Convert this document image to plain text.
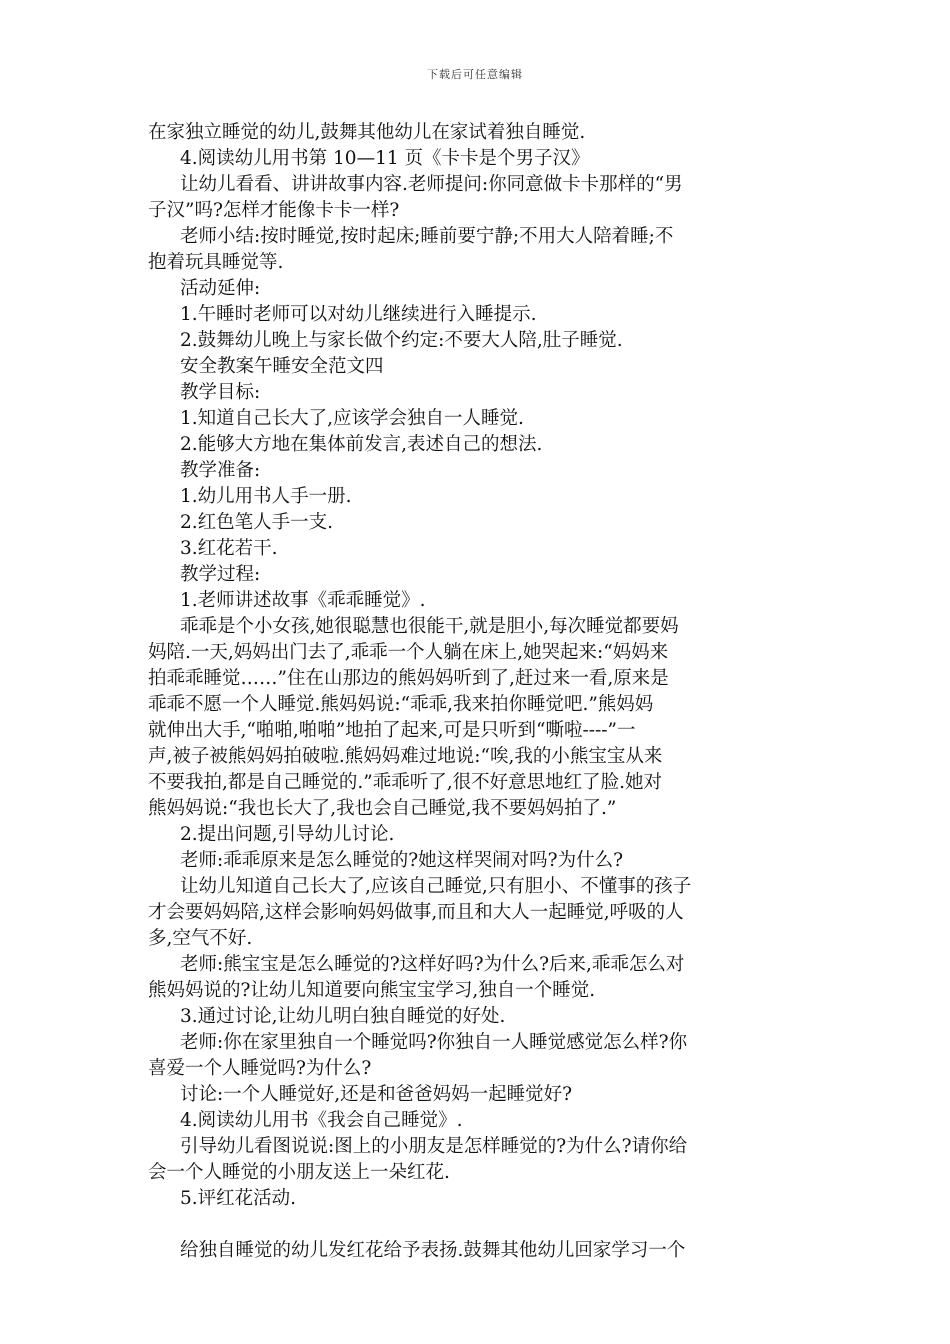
下载后可任意编辑
在家独立睡觉的幼儿,鼓舞其他幼儿在家试着独自睡觉.
4.阅读幼儿用书第 10—11 页《卡卡是个男子汉》
让幼儿看看、讲讲故事内容.老师提问:你同意做卡卡那样的“男
子汉”吗?怎样才能像卡卡一样?
老师小结:按时睡觉,按时起床;睡前要宁静;不用大人陪着睡;不
抱着玩具睡觉等.
活动延伸:
1.午睡时老师可以对幼儿继续进行入睡提示.
2.鼓舞幼儿晚上与家长做个约定:不要大人陪,肚子睡觉.
安全教案午睡安全范文四
教学目标:
1.知道自己长大了,应该学会独自一人睡觉.
2.能够大方地在集体前发言,表述自己的想法.
教学准备:
1.幼儿用书人手一册.
2.红色笔人手一支.
3.红花若干.
教学过程:
1.老师讲述故事《乖乖睡觉》.
乖乖是个小女孩,她很聪慧也很能干,就是胆小,每次睡觉都要妈
妈陪.一天,妈妈出门去了,乖乖一个人躺在床上,她哭起来:“妈妈来
拍乖乖睡觉……”住在山那边的熊妈妈听到了,赶过来一看,原来是
乖乖不愿一个人睡觉.熊妈妈说:“乖乖,我来拍你睡觉吧.”熊妈妈
就伸出大手,“啪啪,啪啪”地拍了起来,可是只听到“嘶啦----”一
声,被子被熊妈妈拍破啦.熊妈妈难过地说:“唉,我的小熊宝宝从来
不要我拍,都是自己睡觉的.”乖乖听了,很不好意思地红了脸.她对
熊妈妈说:“我也长大了,我也会自己睡觉,我不要妈妈拍了.”
2.提出问题,引导幼儿讨论.
老师:乖乖原来是怎么睡觉的?她这样哭闹对吗?为什么?
让幼儿知道自己长大了,应该自己睡觉,只有胆小、不懂事的孩子
才会要妈妈陪,这样会影响妈妈做事,而且和大人一起睡觉,呼吸的人
多,空气不好.
老师:熊宝宝是怎么睡觉的?这样好吗?为什么?后来,乖乖怎么对
熊妈妈说的?让幼儿知道要向熊宝宝学习,独自一个睡觉.
3.通过讨论,让幼儿明白独自睡觉的好处.
老师:你在家里独自一个睡觉吗?你独自一人睡觉感觉怎么样?你
喜爱一个人睡觉吗?为什么?
讨论:一个人睡觉好,还是和爸爸妈妈一起睡觉好?
4.阅读幼儿用书《我会自己睡觉》.
引导幼儿看图说说:图上的小朋友是怎样睡觉的?为什么?请你给
会一个人睡觉的小朋友送上一朵红花.
5.评红花活动.
给独自睡觉的幼儿发红花给予表扬.鼓舞其他幼儿回家学习一个
